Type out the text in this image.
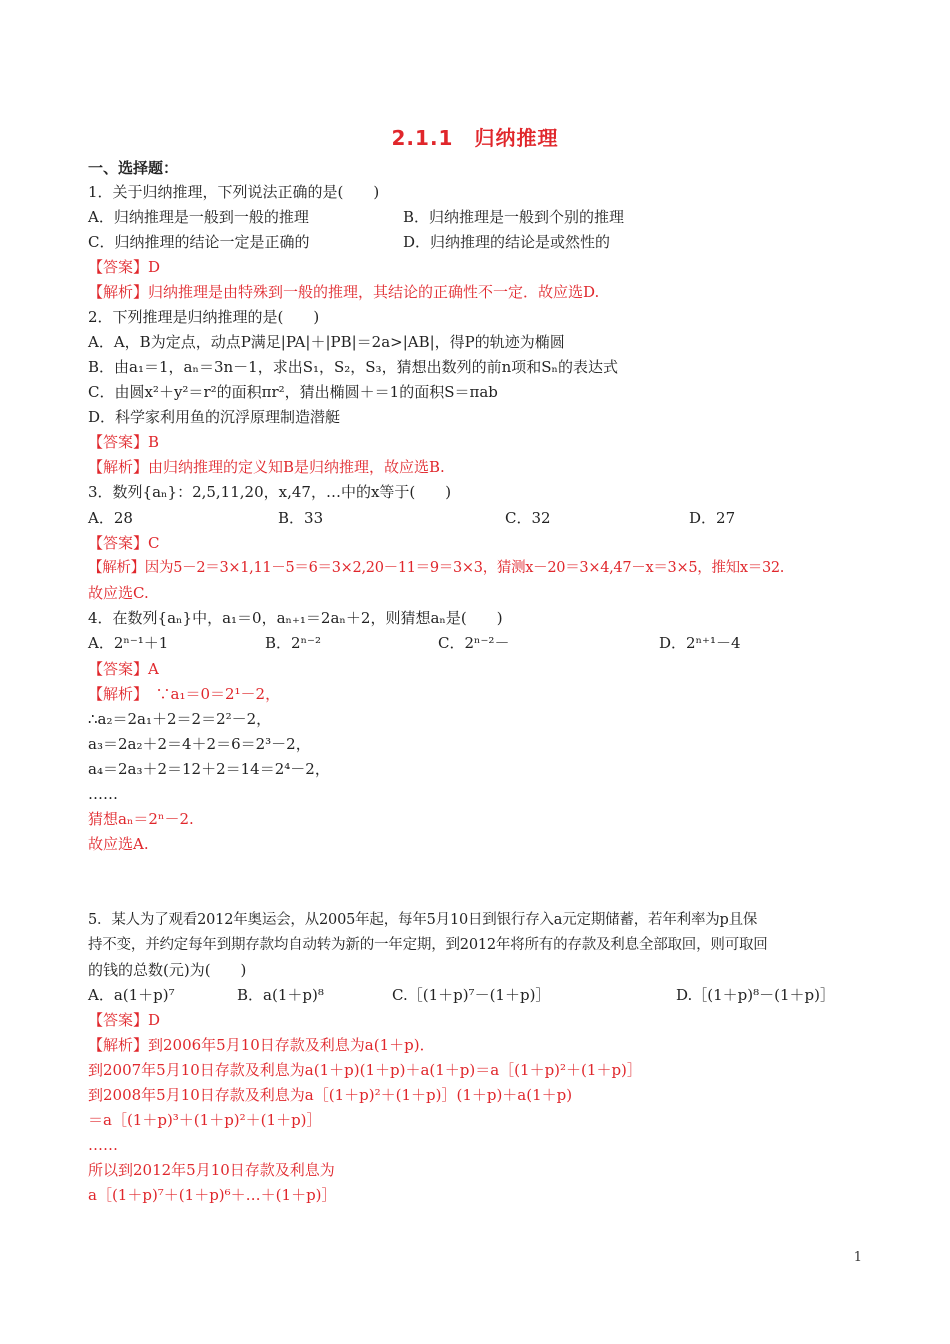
2.1.1　归纳推理
一、选择题：
1．关于归纳推理，下列说法正确的是(　　)
A．归纳推理是一般到一般的推理	B．归纳推理是一般到个别的推理
C．归纳推理的结论一定是正确的	D．归纳推理的结论是或然性的
【答案】D
【解析】归纳推理是由特殊到一般的推理，其结论的正确性不一定．故应选D.
2．下列推理是归纳推理的是(　　)
A．A，B为定点，动点P满足|PA|＋|PB|＝2a>|AB|，得P的轨迹为椭圆
B．由a₁＝1，aₙ＝3n－1，求出S₁，S₂，S₃，猜想出数列的前n项和Sₙ的表达式
C．由圆x²＋y²＝r²的面积πr²，猜出椭圆＋＝1的面积S＝πab
D．科学家利用鱼的沉浮原理制造潜艇
【答案】B
【解析】由归纳推理的定义知B是归纳推理，故应选B.
3．数列{aₙ}：2,5,11,20，x,47，…中的x等于(　　)
A．28	B．33	C．32	D．27
【答案】C
【解析】因为5－2＝3×1,11－5＝6＝3×2,20－11＝9＝3×3，猜测x－20＝3×4,47－x＝3×5，推知x＝32.
故应选C.
4．在数列{aₙ}中，a₁＝0，aₙ₊₁＝2aₙ＋2，则猜想aₙ是(　　)
A．2ⁿ⁻¹＋1	B．2ⁿ⁻²	C．2ⁿ⁻²－	D．2ⁿ⁺¹－4
【答案】A
【解析】　∵a₁＝0＝2¹－2，
∴a₂＝2a₁＋2＝2＝2²－2，
a₃＝2a₂＋2＝4＋2＝6＝2³－2，
a₄＝2a₃＋2＝12＋2＝14＝2⁴－2，
……
猜想aₙ＝2ⁿ－2.
故应选A.
5．某人为了观看2012年奥运会，从2005年起，每年5月10日到银行存入a元定期储蓄，若年利率为p且保
持不变，并约定每年到期存款均自动转为新的一年定期，到2012年将所有的存款及利息全部取回，则可取回
的钱的总数(元)为(　　)
A．a(1＋p)⁷	B．a(1＋p)⁸	C.［(1＋p)⁷－(1＋p)］	D.［(1＋p)⁸－(1＋p)］
【答案】D
【解析】到2006年5月10日存款及利息为a(1＋p)．
到2007年5月10日存款及利息为a(1＋p)(1＋p)＋a(1＋p)＝a［(1＋p)²＋(1＋p)］
到2008年5月10日存款及利息为a［(1＋p)²＋(1＋p)］(1＋p)＋a(1＋p)
＝a［(1＋p)³＋(1＋p)²＋(1＋p)］
……
所以到2012年5月10日存款及利息为
a［(1＋p)⁷＋(1＋p)⁶＋…＋(1＋p)］
1
